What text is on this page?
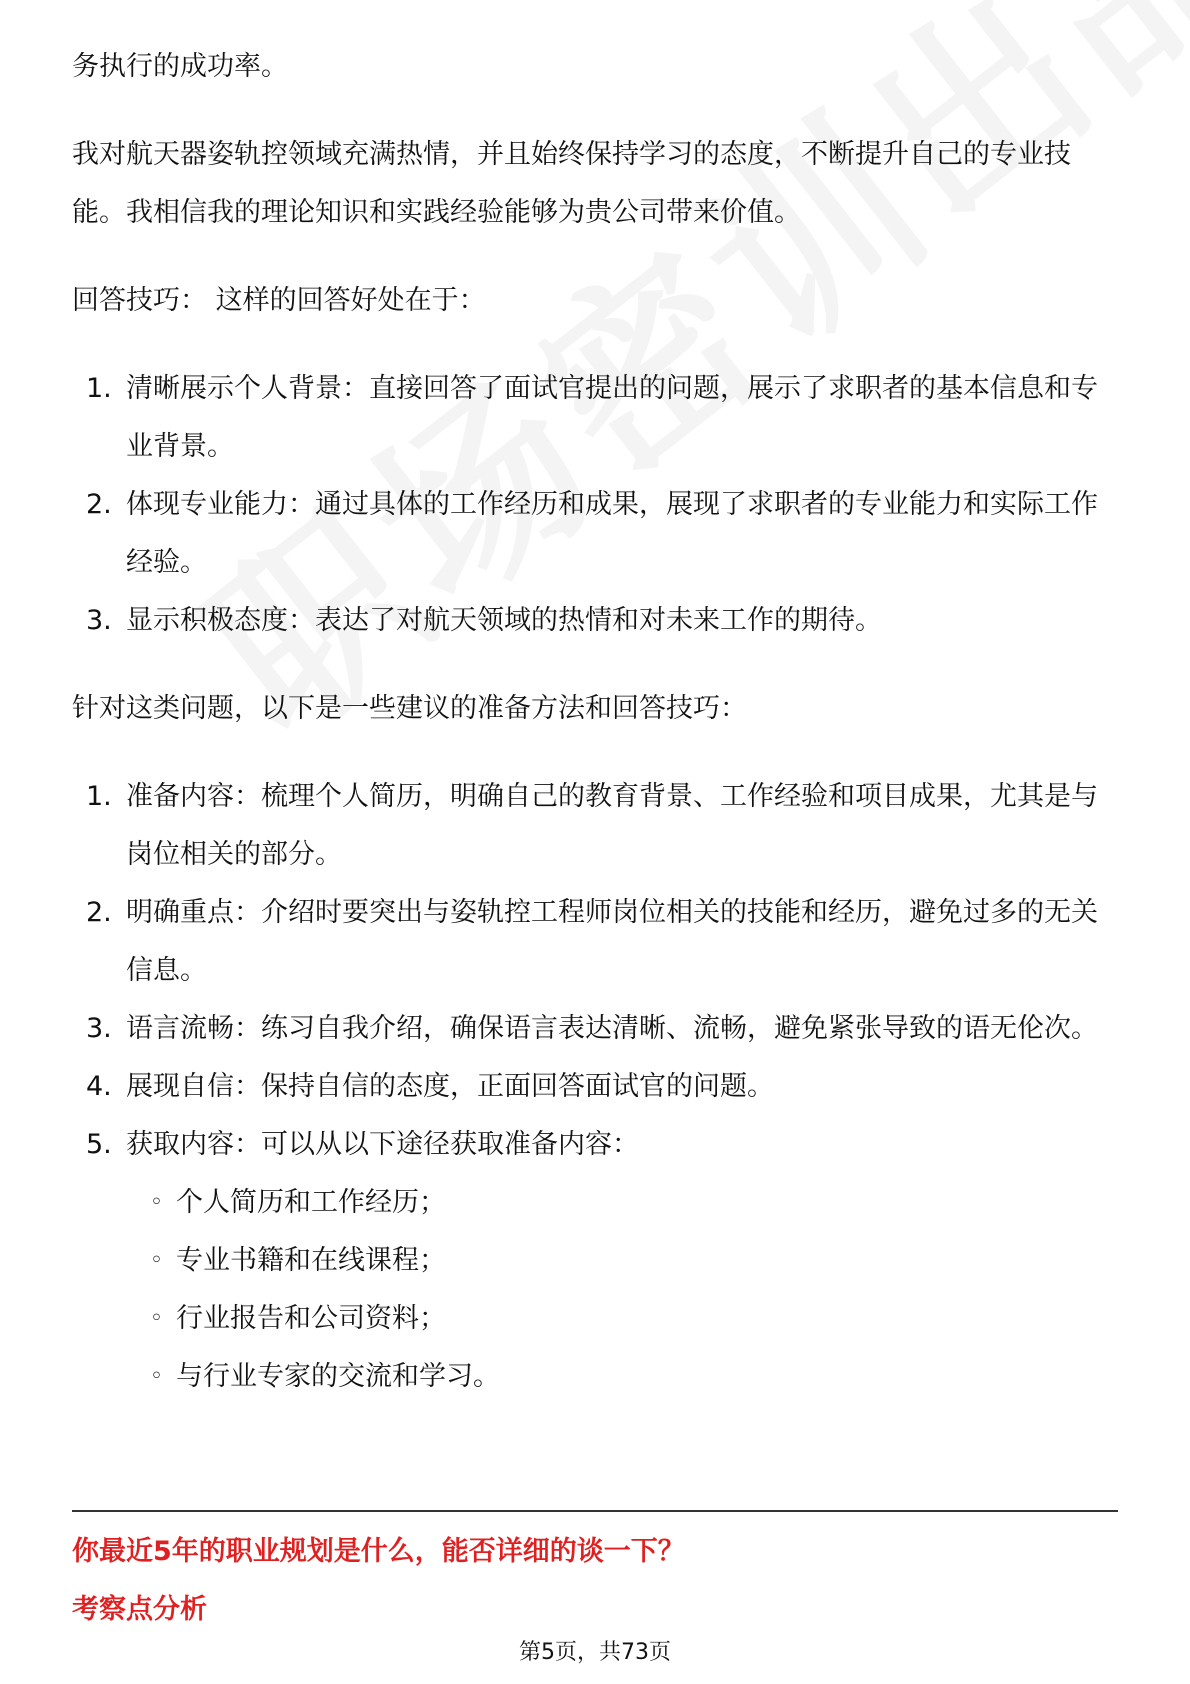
务执行的成功率。

我对航天器姿轨控领域充满热情，并且始终保持学习的态度，不断提升自己的专业技能。我相信我的理论知识和实践经验能够为贵公司带来价值。

回答技巧： 这样的回答好处在于：

1. 清晰展示个人背景：直接回答了面试官提出的问题，展示了求职者的基本信息和专业背景。
2. 体现专业能力：通过具体的工作经历和成果，展现了求职者的专业能力和实际工作经验。
3. 显示积极态度：表达了对航天领域的热情和对未来工作的期待。

针对这类问题，以下是一些建议的准备方法和回答技巧：

1. 准备内容：梳理个人简历，明确自己的教育背景、工作经验和项目成果，尤其是与岗位相关的部分。
2. 明确重点：介绍时要突出与姿轨控工程师岗位相关的技能和经历，避免过多的无关信息。
3. 语言流畅：练习自我介绍，确保语言表达清晰、流畅，避免紧张导致的语无伦次。
4. 展现自信：保持自信的态度，正面回答面试官的问题。
5. 获取内容：可以从以下途径获取准备内容：
◦ 个人简历和工作经历；
◦ 专业书籍和在线课程；
◦ 行业报告和公司资料；
◦ 与行业专家的交流和学习。
你最近5年的职业规划是什么，能否详细的谈一下？
考察点分析
第5页，共73页
